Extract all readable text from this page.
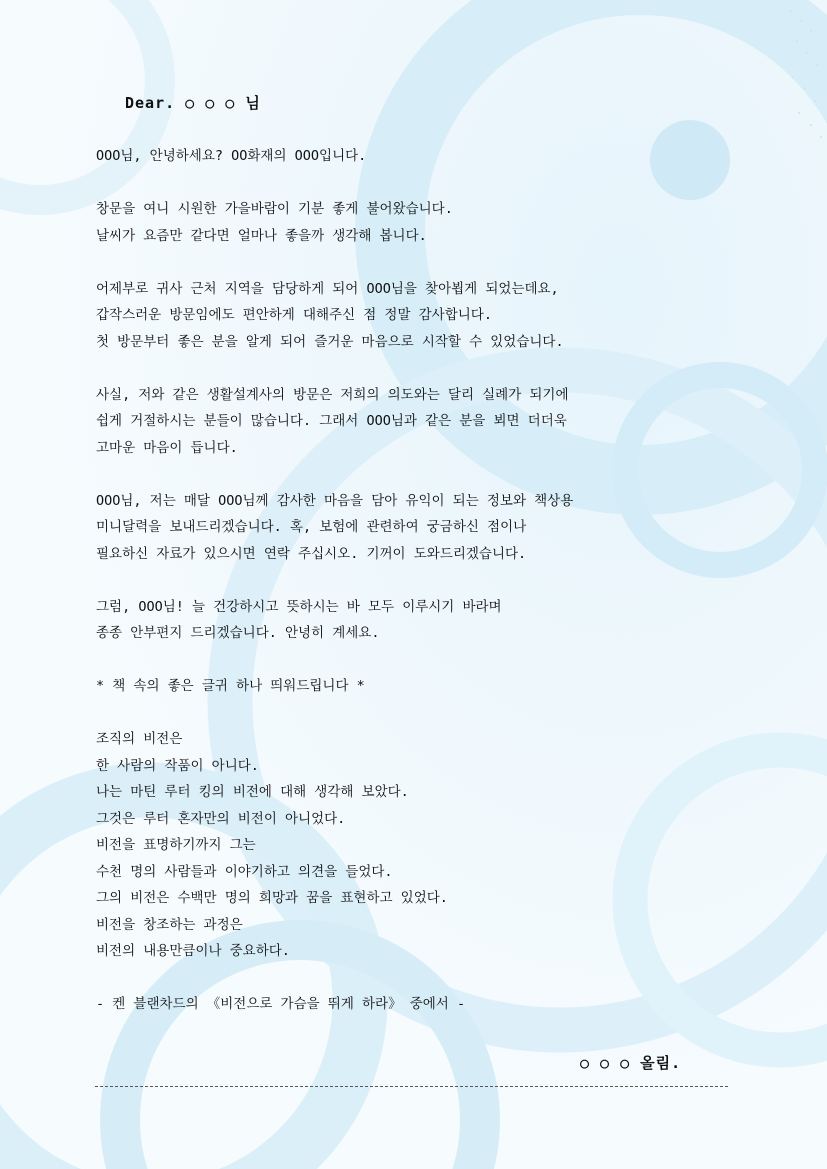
Dear. ○ ○ ○ 님
OOO님, 안녕하세요? OO화재의 OOO입니다.
창문을 여니 시원한 가을바람이 기분 좋게 불어왔습니다.
날씨가 요즘만 같다면 얼마나 좋을까 생각해 봅니다.
어제부로 귀사 근처 지역을 담당하게 되어 OOO님을 찾아뵙게 되었는데요,
갑작스러운 방문임에도 편안하게 대해주신 점 정말 감사합니다.
첫 방문부터 좋은 분을 알게 되어 즐거운 마음으로 시작할 수 있었습니다.
사실, 저와 같은 생활설계사의 방문은 저희의 의도와는 달리 실례가 되기에
쉽게 거절하시는 분들이 많습니다. 그래서 OOO님과 같은 분을 뵈면 더더욱
고마운 마음이 듭니다.
OOO님, 저는 매달 OOO님께 감사한 마음을 담아 유익이 되는 정보와 책상용
미니달력을 보내드리겠습니다. 혹, 보험에 관련하여 궁금하신 점이나
필요하신 자료가 있으시면 연락 주십시오. 기꺼이 도와드리겠습니다.
그럼, OOO님! 늘 건강하시고 뜻하시는 바 모두 이루시기 바라며
종종 안부편지 드리겠습니다. 안녕히 계세요.
* 책 속의 좋은 글귀 하나 띄워드립니다 *
조직의 비전은
한 사람의 작품이 아니다.
나는 마틴 루터 킹의 비전에 대해 생각해 보았다.
그것은 루터 혼자만의 비전이 아니었다.
비전을 표명하기까지 그는
수천 명의 사람들과 이야기하고 의견을 들었다.
그의 비전은 수백만 명의 희망과 꿈을 표현하고 있었다.
비전을 창조하는 과정은
비전의 내용만큼이나 중요하다.
- 켄 블랜차드의 《비전으로 가슴을 뛰게 하라》 중에서 -
○ ○ ○ 올림.
